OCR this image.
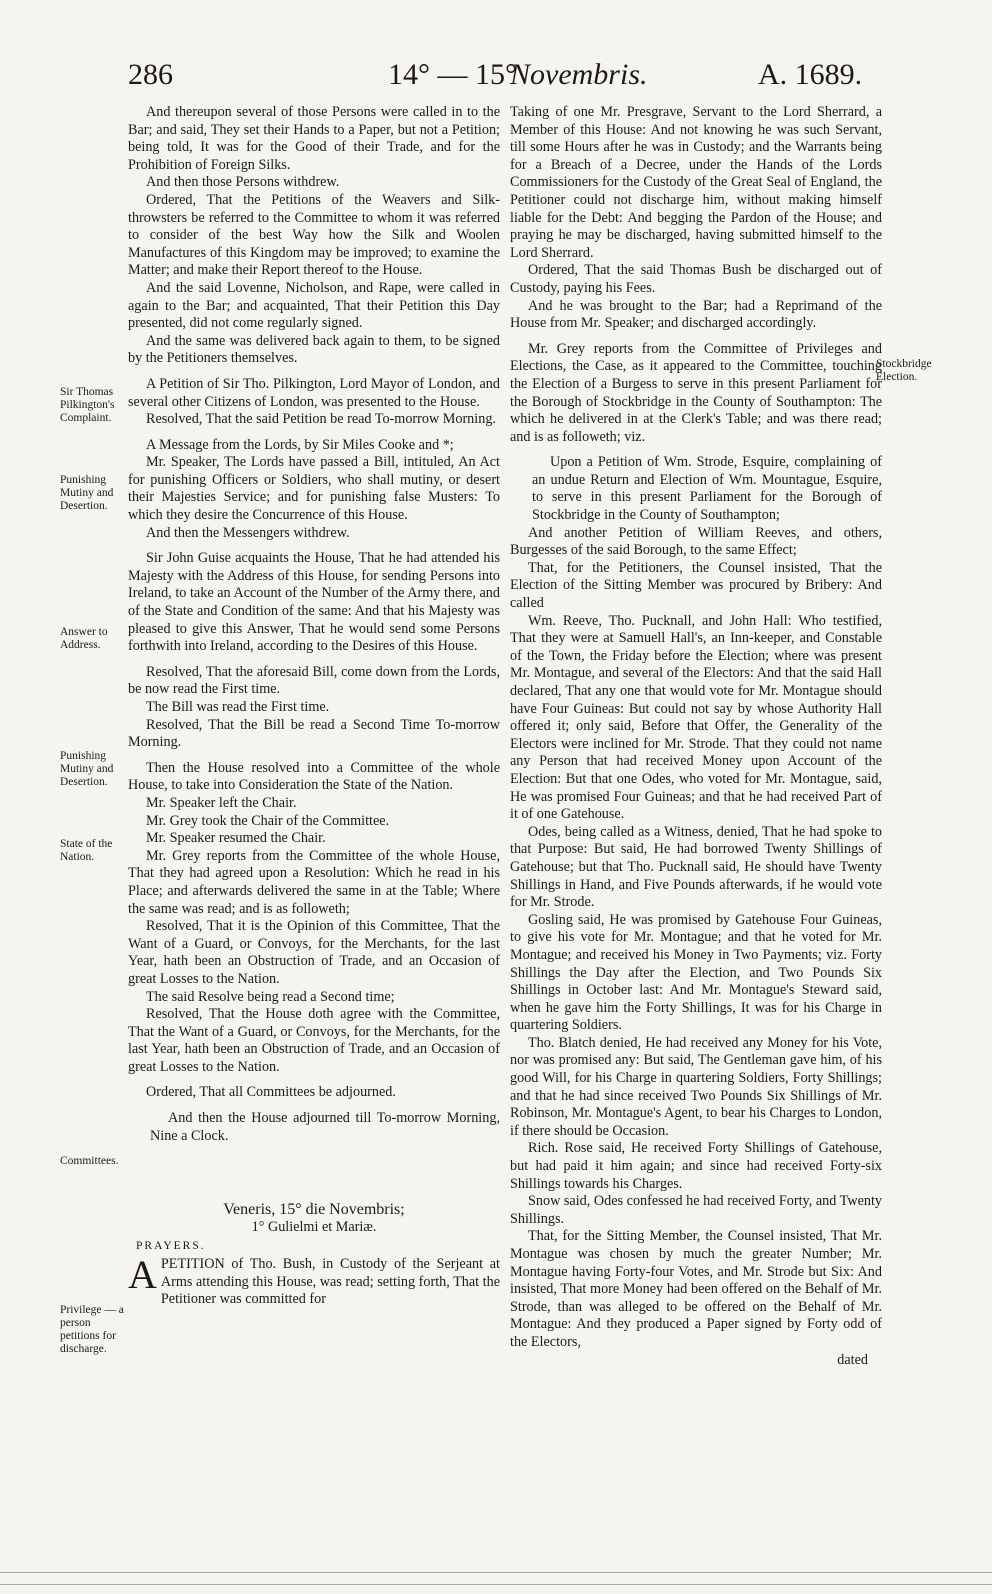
286	14° — 15°
Novembris.	A. 1689.

And thereupon several of those Persons were called in to the Bar; and said, They set their Hands to a Paper, but not a Petition; being told, It was for the Good of their Trade, and for the Prohibition of Foreign Silks.

And then those Persons withdrew.

Ordered, That the Petitions of the Weavers and Silk-throwsters be referred to the Committee to whom it was referred to consider of the best Way how the Silk and Woolen Manufactures of this Kingdom may be improved; to examine the Matter; and make their Report thereof to the House.

And the said Lovenne, Nicholson, and Rape, were called in again to the Bar; and acquainted, That their Petition this Day presented, did not come regularly signed.

And the same was delivered back again to them, to be signed by the Petitioners themselves.

A Petition of Sir Tho. Pilkington, Lord Mayor of London, and several other Citizens of London, was presented to the House.

Resolved, That the said Petition be read To-morrow Morning.

A Message from the Lords, by Sir Miles Cooke and *;

Mr. Speaker, The Lords have passed a Bill, intituled, An Act for punishing Officers or Soldiers, who shall mutiny, or desert their Majesties Service; and for punishing false Musters: To which they desire the Concurrence of this House.

And then the Messengers withdrew.

Sir John Guise acquaints the House, That he had attended his Majesty with the Address of this House, for sending Persons into Ireland, to take an Account of the Number of the Army there, and of the State and Condition of the same: And that his Majesty was pleased to give this Answer, That he would send some Persons forthwith into Ireland, according to the Desires of this House.

Resolved, That the aforesaid Bill, come down from the Lords, be now read the First time.

The Bill was read the First time.

Resolved, That the Bill be read a Second Time To-morrow Morning.

Then the House resolved into a Committee of the whole House, to take into Consideration the State of the Nation.

Mr. Speaker left the Chair.

Mr. Grey took the Chair of the Committee.

Mr. Speaker resumed the Chair.

Mr. Grey reports from the Committee of the whole House, That they had agreed upon a Resolution: Which he read in his Place; and afterwards delivered the same in at the Table; Where the same was read; and is as followeth;

Resolved, That it is the Opinion of this Committee, That the Want of a Guard, or Convoys, for the Merchants, for the last Year, hath been an Obstruction of Trade, and an Occasion of great Losses to the Nation.

The said Resolve being read a Second time;

Resolved, That the House doth agree with the Committee, That the Want of a Guard, or Convoys, for the Merchants, for the last Year, hath been an Obstruction of Trade, and an Occasion of great Losses to the Nation.

Ordered, That all Committees be adjourned.

And then the House adjourned till To-morrow Morning, Nine a Clock.

Veneris, 15° die Novembris;

1° Gulielmi et Mariæ.

PRAYERS.

APETITION of Tho. Bush, in Custody of the Serjeant at Arms attending this House, was read; setting forth, That the Petitioner was committed for

Taking of one Mr. Presgrave, Servant to the Lord Sherrard, a Member of this House: And not knowing he was such Servant, till some Hours after he was in Custody; and the Warrants being for a Breach of a Decree, under the Hands of the Lords Commissioners for the Custody of the Great Seal of England, the Petitioner could not discharge him, without making himself liable for the Debt: And begging the Pardon of the House; and praying he may be discharged, having submitted himself to the Lord Sherrard.

Ordered, That the said Thomas Bush be discharged out of Custody, paying his Fees.

And he was brought to the Bar; had a Reprimand of the House from Mr. Speaker; and discharged accordingly.

Mr. Grey reports from the Committee of Privileges and Elections, the Case, as it appeared to the Committee, touching the Election of a Burgess to serve in this present Parliament for the Borough of Stockbridge in the County of Southampton: The which he delivered in at the Clerk's Table; and was there read; and is as followeth; viz.

Upon a Petition of Wm. Strode, Esquire, complaining of an undue Return and Election of Wm. Mountague, Esquire, to serve in this present Parliament for the Borough of Stockbridge in the County of Southampton;

And another Petition of William Reeves, and others, Burgesses of the said Borough, to the same Effect;

That, for the Petitioners, the Counsel insisted, That the Election of the Sitting Member was procured by Bribery: And called

Wm. Reeve, Tho. Pucknall, and John Hall: Who testified, That they were at Samuell Hall's, an Inn-keeper, and Constable of the Town, the Friday before the Election; where was present Mr. Montague, and several of the Electors: And that the said Hall declared, That any one that would vote for Mr. Montague should have Four Guineas: But could not say by whose Authority Hall offered it; only said, Before that Offer, the Generality of the Electors were inclined for Mr. Strode. That they could not name any Person that had received Money upon Account of the Election: But that one Odes, who voted for Mr. Montague, said, He was promised Four Guineas; and that he had received Part of it of one Gatehouse.

Odes, being called as a Witness, denied, That he had spoke to that Purpose: But said, He had borrowed Twenty Shillings of Gatehouse; but that Tho. Pucknall said, He should have Twenty Shillings in Hand, and Five Pounds afterwards, if he would vote for Mr. Strode.

Gosling said, He was promised by Gatehouse Four Guineas, to give his vote for Mr. Montague; and that he voted for Mr. Montague; and received his Money in Two Payments; viz. Forty Shillings the Day after the Election, and Two Pounds Six Shillings in October last: And Mr. Montague's Steward said, when he gave him the Forty Shillings, It was for his Charge in quartering Soldiers.

Tho. Blatch denied, He had received any Money for his Vote, nor was promised any: But said, The Gentleman gave him, of his good Will, for his Charge in quartering Soldiers, Forty Shillings; and that he had since received Two Pounds Six Shillings of Mr. Robinson, Mr. Montague's Agent, to bear his Charges to London, if there should be Occasion.

Rich. Rose said, He received Forty Shillings of Gatehouse, but had paid it him again; and since had received Forty-six Shillings towards his Charges.

Snow said, Odes confessed he had received Forty, and Twenty Shillings.

That, for the Sitting Member, the Counsel insisted, That Mr. Montague was chosen by much the greater Number; Mr. Montague having Forty-four Votes, and Mr. Strode but Six: And insisted, That more Money had been offered on the Behalf of Mr. Strode, than was alleged to be offered on the Behalf of Mr. Montague: And they produced a Paper signed by Forty odd of the Electors,

dated

Sir Thomas Pilkington's Complaint.
Punishing Mutiny and Desertion.
Answer to Address.
Punishing Mutiny and Desertion.
State of the Nation.
Committees.
Privilege — a person petitions for discharge.
Stockbridge Election.
